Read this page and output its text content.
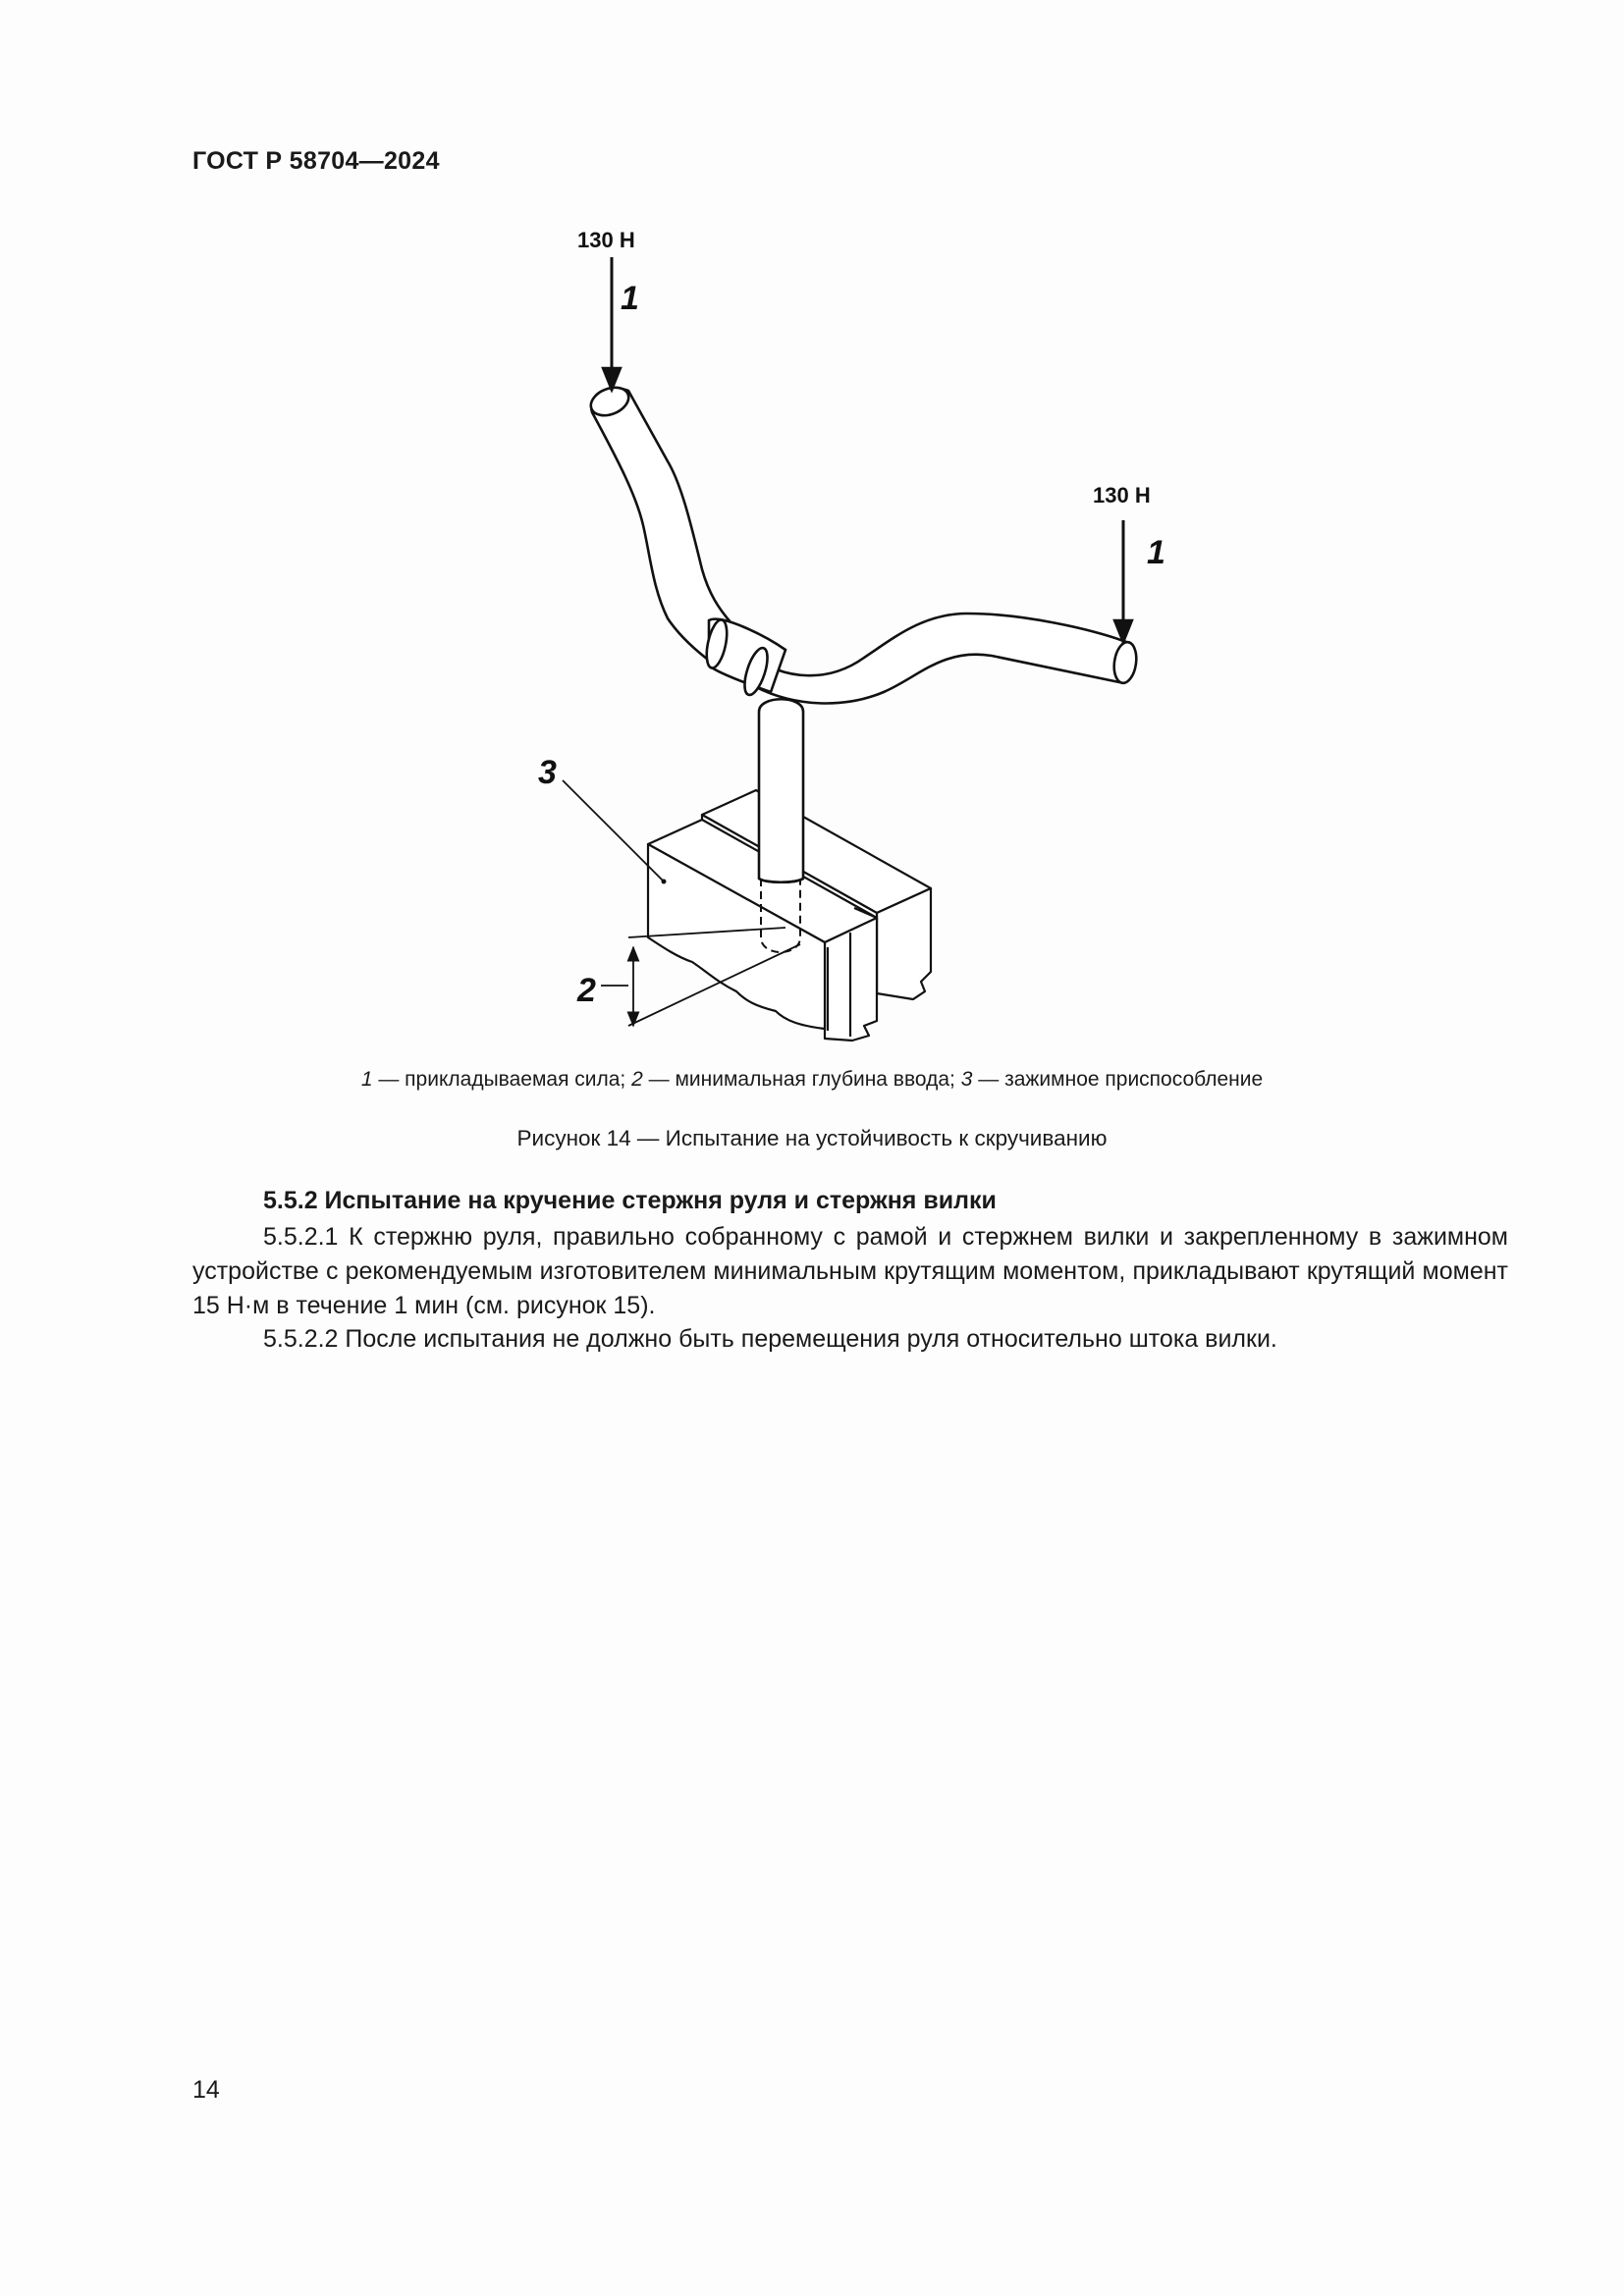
ГОСТ Р 58704—2024
130 Н
130 Н
1
1
3
2
1 — прикладываемая сила; 2 — минимальная глубина ввода; 3 — зажимное приспособление
Рисунок 14 — Испытание на устойчивость к скручиванию
5.5.2 Испытание на кручение стержня руля и стержня вилки
5.5.2.1 К стержню руля, правильно собранному с рамой и стержнем вилки и закрепленному в зажимном устройстве с рекомендуемым изготовителем минимальным крутящим моментом, прикладывают крутящий момент 15 Н·м в течение 1 мин (см. рисунок 15).
5.5.2.2 После испытания не должно быть перемещения руля относительно штока вилки.
14
